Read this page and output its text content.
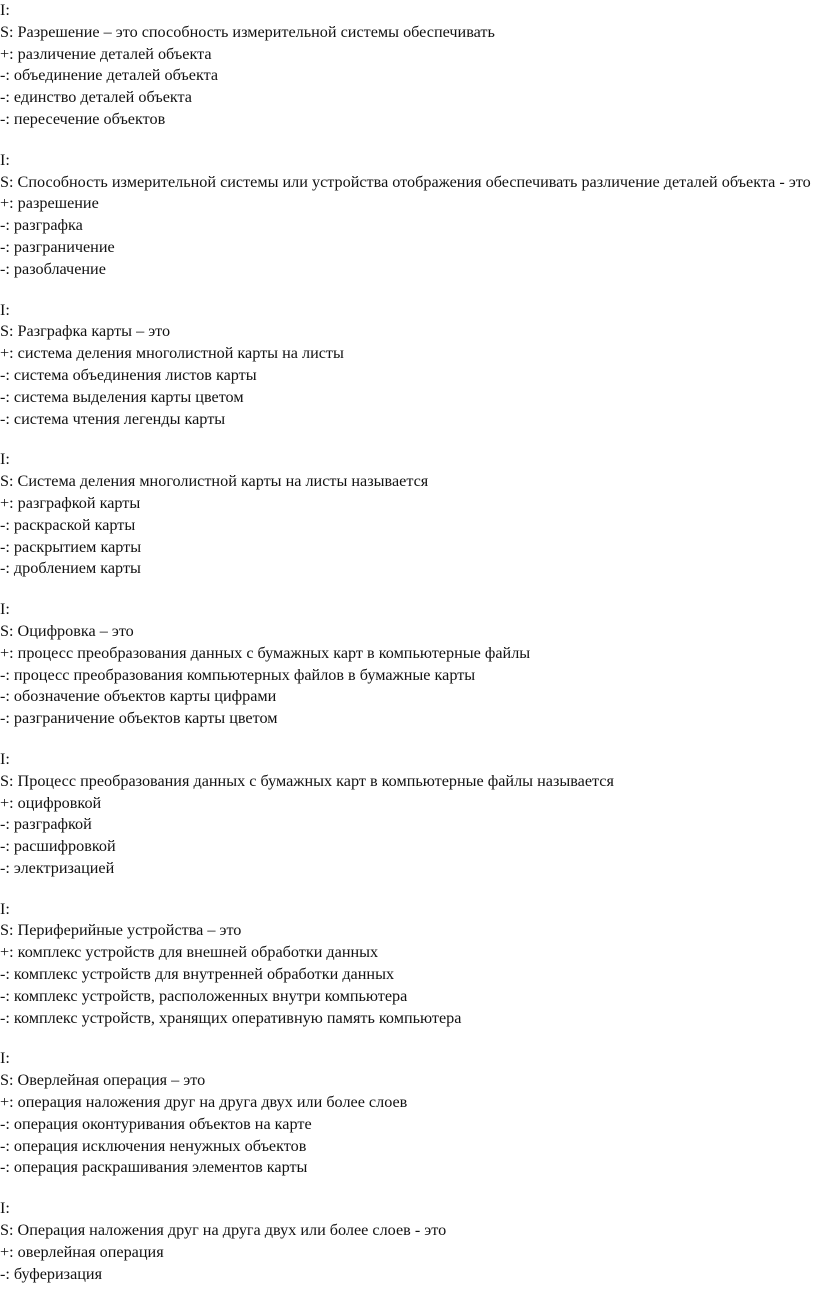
I:
S: Разрешение – это способность измерительной системы обеспечивать
+: различение деталей объекта
-: объединение деталей объекта
-: единство деталей объекта
-: пересечение объектов
I:
S: Способность измерительной системы или устройства отображения обеспечивать различение деталей объекта - это
+: разрешение
-: разграфка
-: разграничение
-: разоблачение
I:
S: Разграфка карты – это
+: система деления многолистной карты на листы
-: система объединения листов карты
-: система выделения карты цветом
-: система чтения легенды карты
I:
S: Система деления многолистной карты на листы называется
+: разграфкой карты
-: раскраской карты
-: раскрытием карты
-: дроблением карты
I:
S: Оцифровка – это
+: процесс преобразования данных с бумажных карт в компьютерные файлы
-: процесс преобразования компьютерных файлов в бумажные карты
-: обозначение объектов карты цифрами
-: разграничение объектов карты цветом
I:
S: Процесс преобразования данных с бумажных карт в компьютерные файлы называется
+: оцифровкой
-: разграфкой
-: расшифровкой
-: электризацией
I:
S: Периферийные устройства – это
+: комплекс устройств для внешней обработки данных
-: комплекс устройств для внутренней обработки данных
-: комплекс устройств, расположенных внутри компьютера
-: комплекс устройств, хранящих оперативную память компьютера
I:
S: Оверлейная операция – это
+: операция наложения друг на друга двух или более слоев
-: операция оконтуривания объектов на карте
-: операция исключения ненужных объектов
-: операция раскрашивания элементов карты
I:
S: Операция наложения друг на друга двух или более слоев - это
+: оверлейная операция
-: буферизация
